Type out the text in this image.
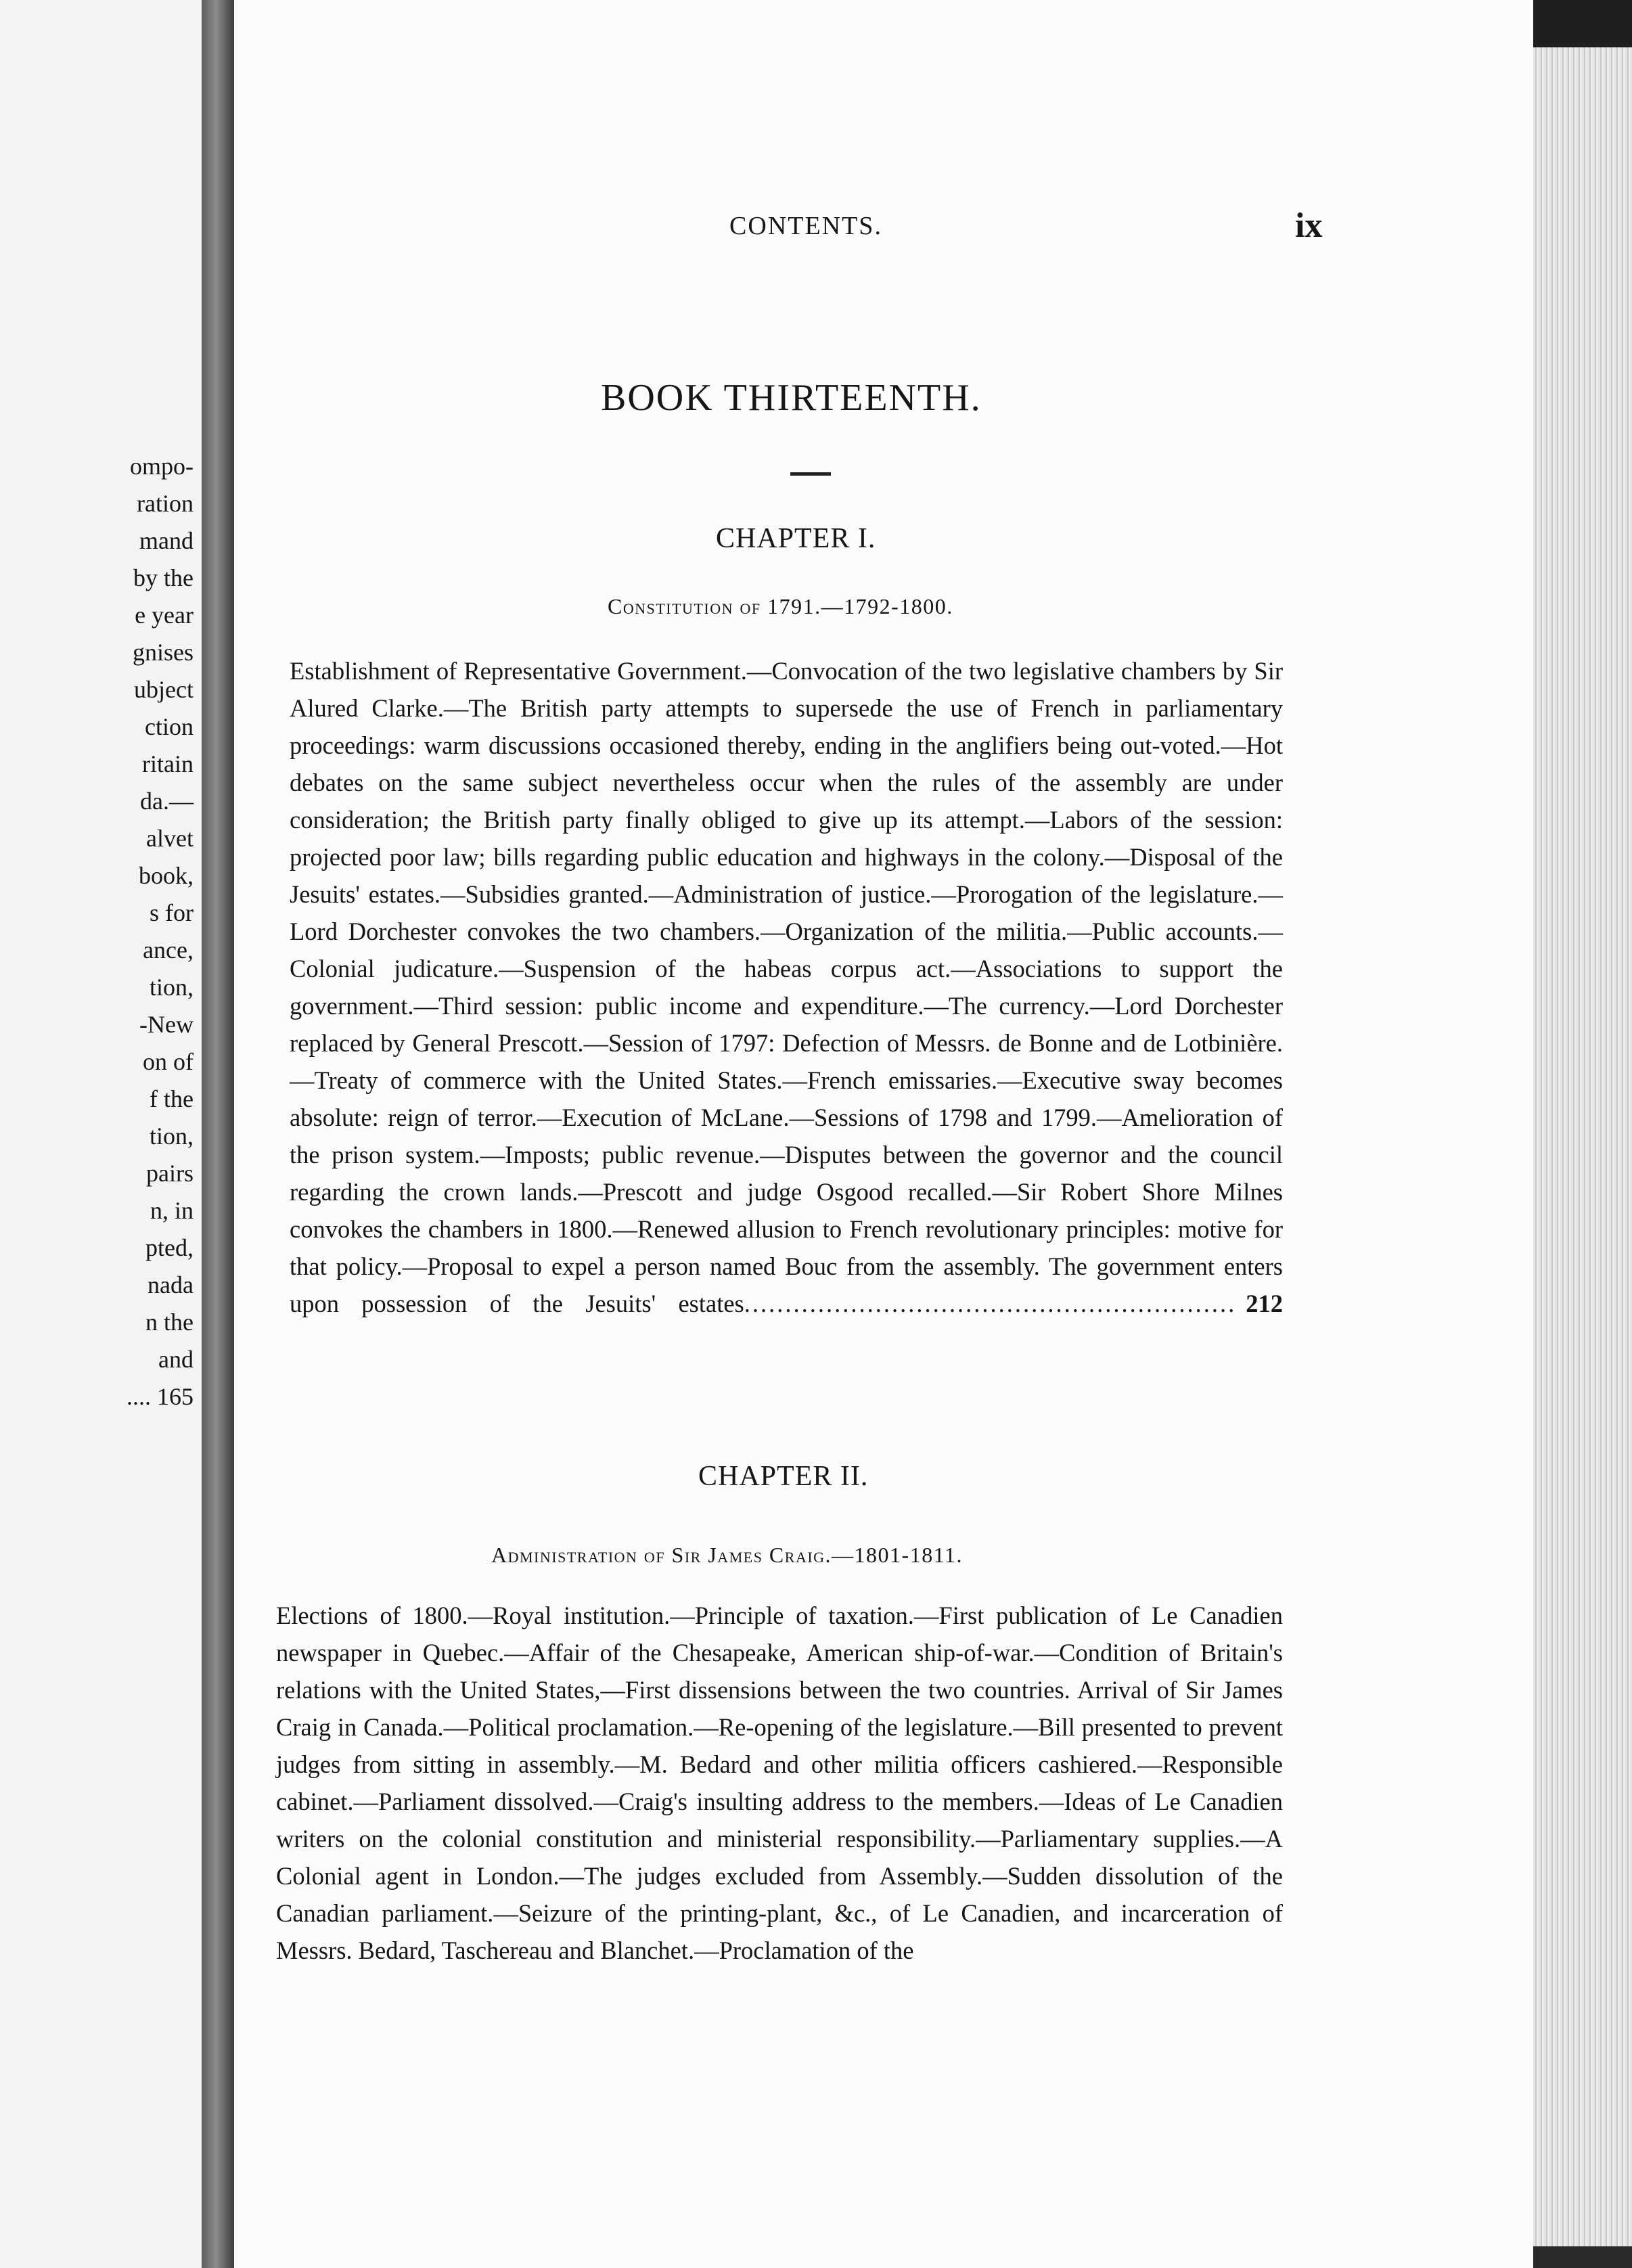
ompo-
ration
mand
by the
e year
gnises
ubject
ction
ritain
da.—
alvet
book,
s for
ance,
tion,
-New
on of
f the
tion,
pairs
n, in
pted,
nada
n the
and
.... 165
CONTENTS.	ix
BOOK THIRTEENTH.
CHAPTER I.
Constitution of 1791.—1792-1800.

Establishment of Representative Government.—Convocation of the two legislative chambers by Sir Alured Clarke.—The British party attempts to supersede the use of French in parliamentary proceedings: warm discussions occasioned thereby, ending in the anglifiers being out-voted.—Hot debates on the same subject nevertheless occur when the rules of the assembly are under consideration; the British party finally obliged to give up its attempt.—Labors of the session: projected poor law; bills regarding public education and highways in the colony.—Disposal of the Jesuits' estates.—Subsidies granted.—Administration of justice.—Prorogation of the legislature.—Lord Dorchester convokes the two chambers.—Organization of the militia.—Public accounts.—Colonial judicature.—Suspension of the habeas corpus act.—Associations to support the government.—Third session: public income and expenditure.—The currency.—Lord Dorchester replaced by General Prescott.—Session of 1797: Defection of Messrs. de Bonne and de Lotbinière.—Treaty of commerce with the United States.—French emissaries.—Executive sway becomes absolute: reign of terror.—Execution of McLane.—Sessions of 1798 and 1799.—Amelioration of the prison system.—Imposts; public revenue.—Disputes between the governor and the council regarding the crown lands.—Prescott and judge Osgood recalled.—Sir Robert Shore Milnes convokes the chambers in 1800.—Renewed allusion to French revolutionary principles: motive for that policy.—Proposal to expel a person named Bouc from the assembly. The government enters upon possession of the Jesuits' estates............................................................ 212

CHAPTER II.
Administration of Sir James Craig.—1801-1811.

Elections of 1800.—Royal institution.—Principle of taxation.—First publication of Le Canadien newspaper in Quebec.—Affair of the Chesapeake, American ship-of-war.—Condition of Britain's relations with the United States,—First dissensions between the two countries. Arrival of Sir James Craig in Canada.—Political proclamation.—Re-opening of the legislature.—Bill presented to prevent judges from sitting in assembly.—M. Bedard and other militia officers cashiered.—Responsible cabinet.—Parliament dissolved.—Craig's insulting address to the members.—Ideas of Le Canadien writers on the colonial constitution and ministerial responsibility.—Parliamentary supplies.—A Colonial agent in London.—The judges excluded from Assembly.—Sudden dissolution of the Canadian parliament.—Seizure of the printing-plant, &c., of Le Canadien, and incarceration of Messrs. Bedard, Taschereau and Blanchet.—Proclamation of the
